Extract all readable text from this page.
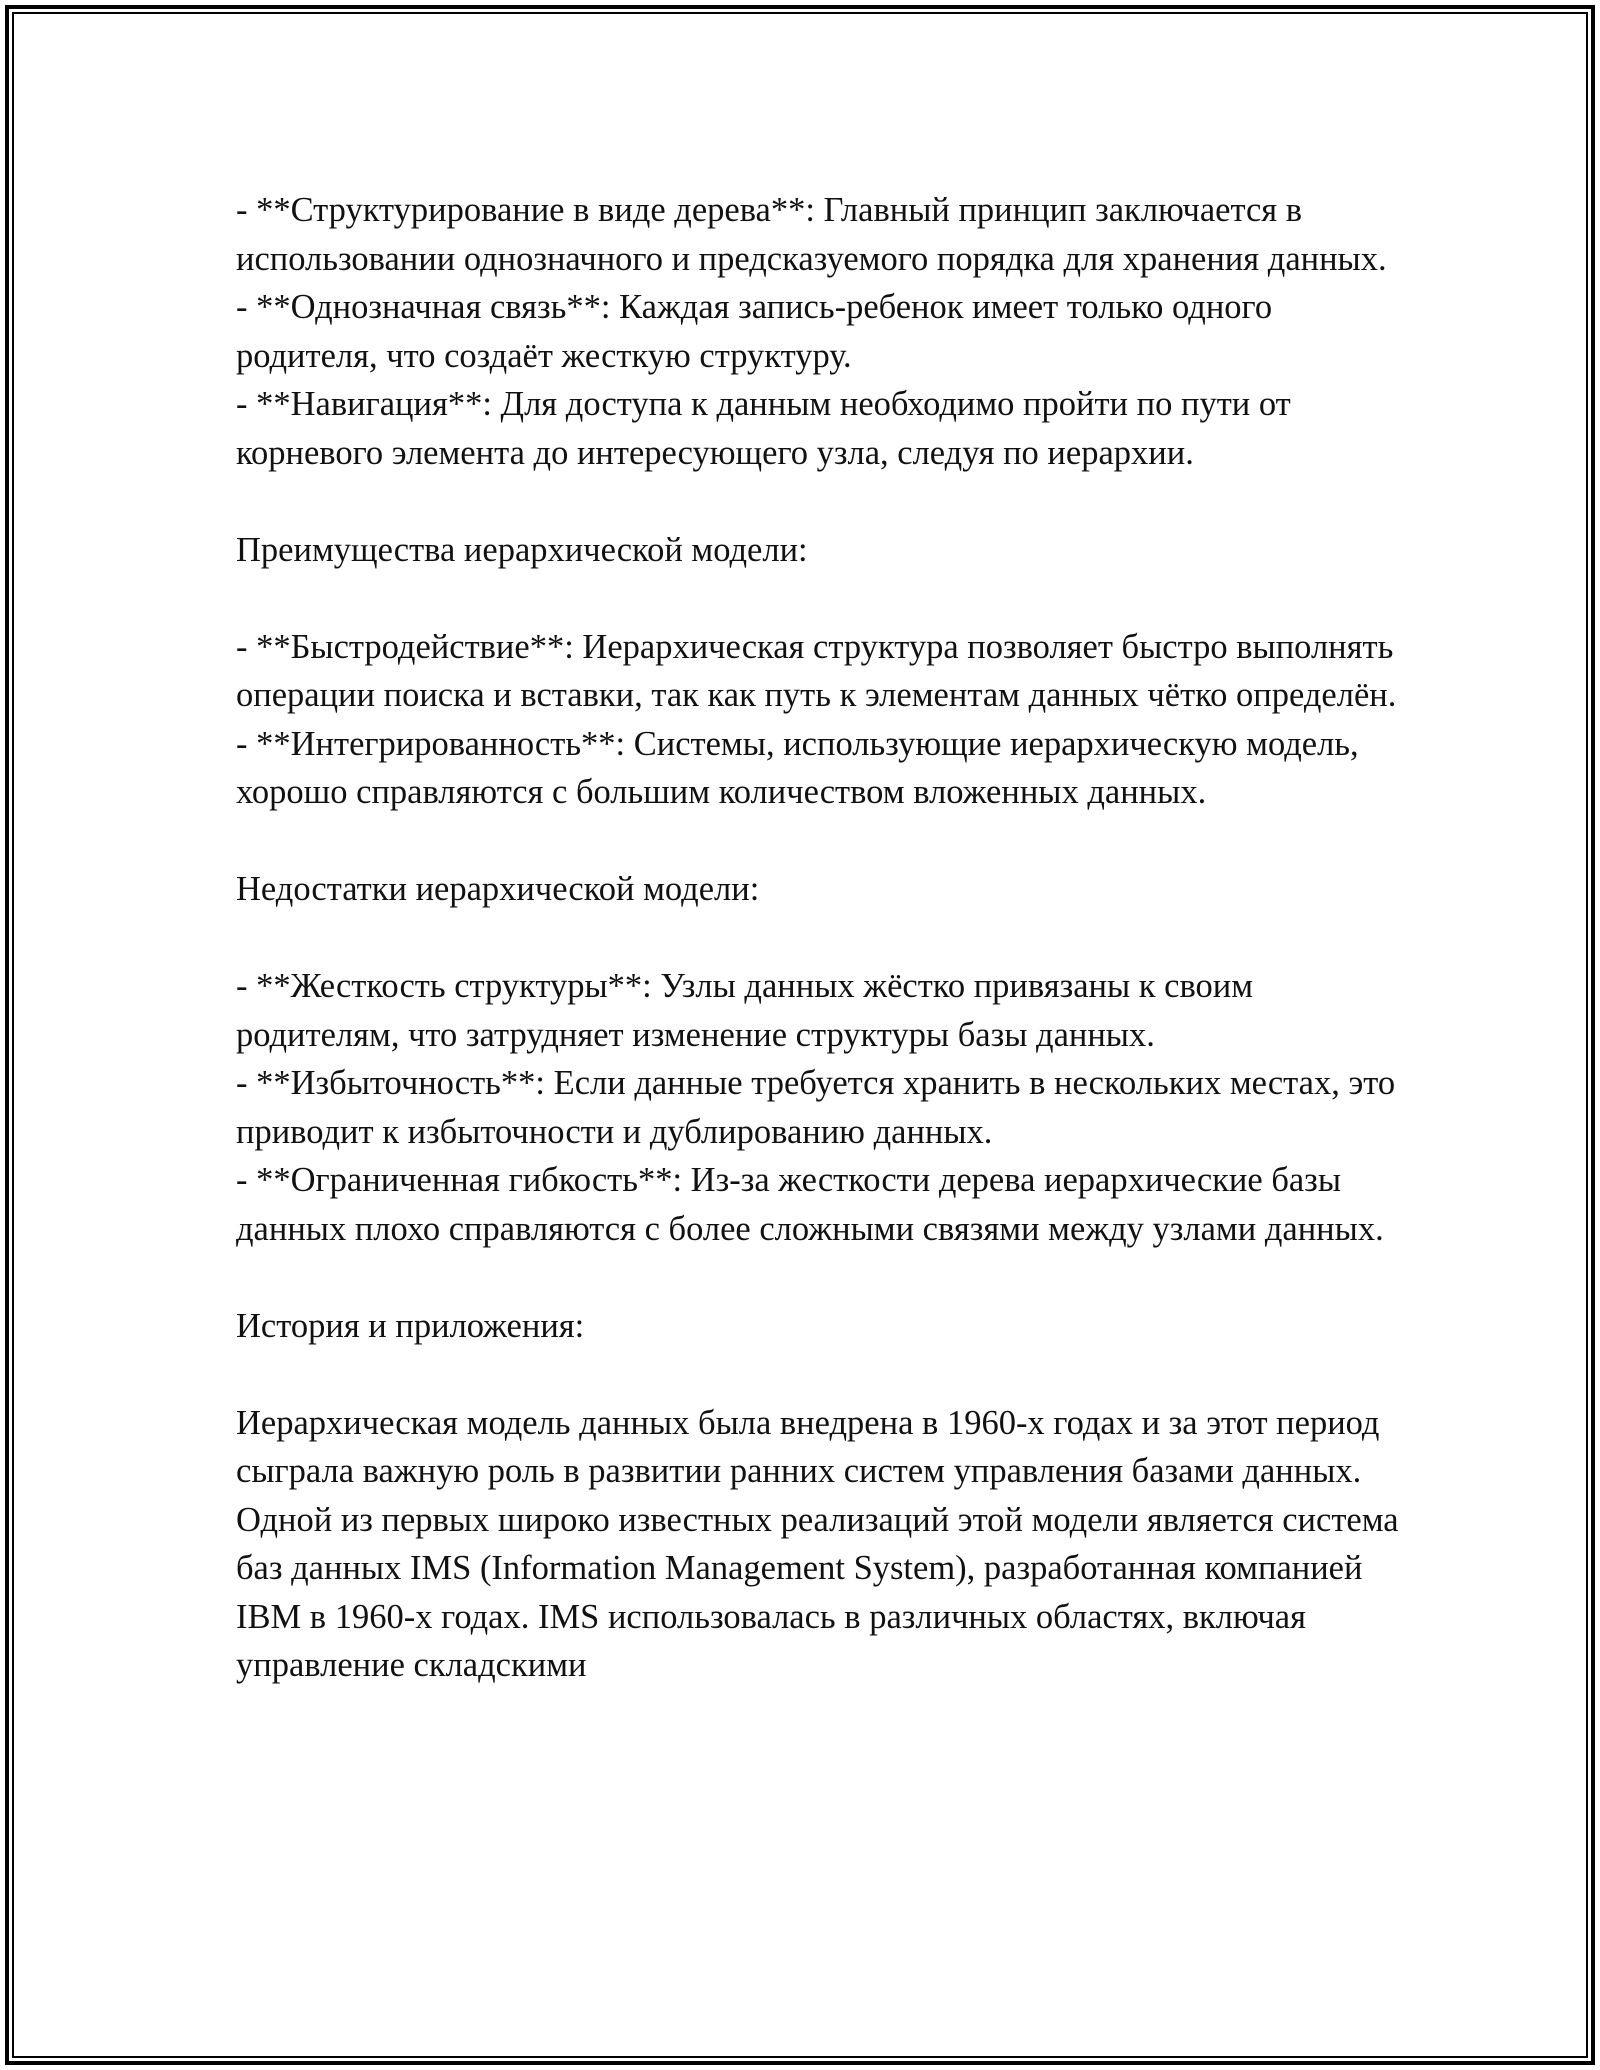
- **Структурирование в виде дерева**: Главный принцип заключается в использовании однозначного и предсказуемого порядка для хранения данных.

- **Однозначная связь**: Каждая запись-ребенок имеет только одного родителя, что создаёт жесткую структуру.

- **Навигация**: Для доступа к данным необходимо пройти по пути от корневого элемента до интересующего узла, следуя по иерархии.

Преимущества иерархической модели:

- **Быстродействие**: Иерархическая структура позволяет быстро выполнять операции поиска и вставки, так как путь к элементам данных чётко определён.

- **Интегрированность**: Системы, использующие иерархическую модель, хорошо справляются с большим количеством вложенных данных.

Недостатки иерархической модели:

- **Жесткость структуры**: Узлы данных жёстко привязаны к своим родителям, что затрудняет изменение структуры базы данных.

- **Избыточность**: Если данные требуется хранить в нескольких местах, это приводит к избыточности и дублированию данных.

- **Ограниченная гибкость**: Из-за жесткости дерева иерархические базы данных плохо справляются с более сложными связями между узлами данных.

История и приложения:

Иерархическая модель данных была внедрена в 1960-х годах и за этот период сыграла важную роль в развитии ранних систем управления базами данных. Одной из первых широко известных реализаций этой модели является система баз данных IMS (Information Management System), разработанная компанией IBM в 1960-х годах. IMS использовалась в различных областях, включая управление складскими
